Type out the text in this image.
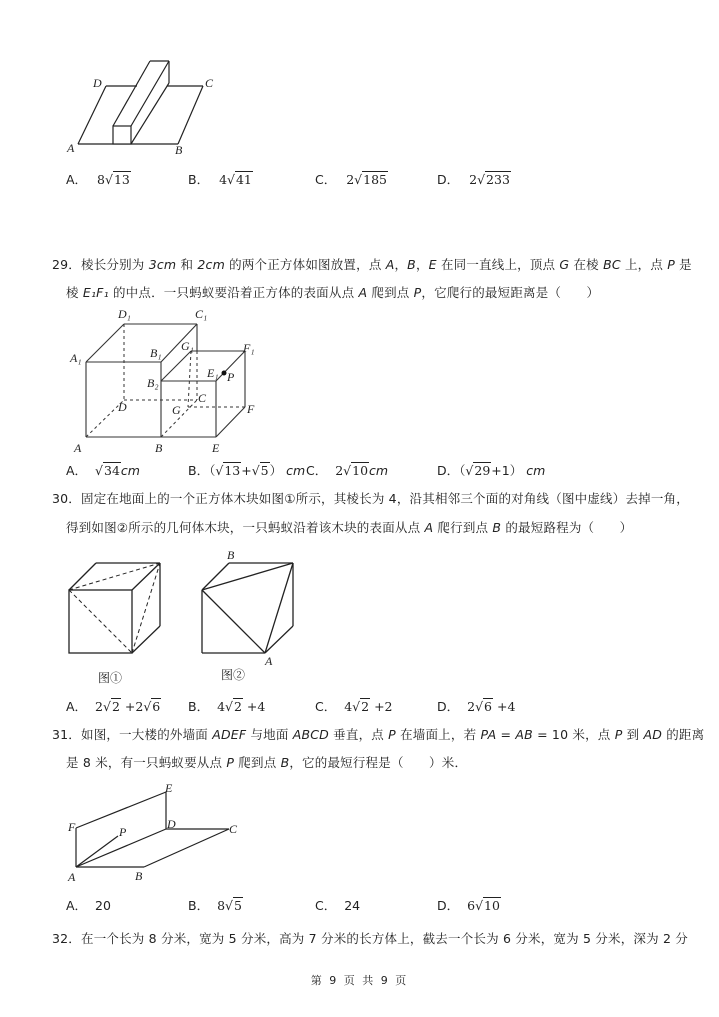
D	C
A	B
A． 8√13	B． 4√41	C． 2√185	D． 2√233
29．棱长分别为 3cm 和 2cm 的两个正方体如图放置，点 A，B，E 在同一直线上，顶点 G 在棱 BC 上，点 P 是
棱 E₁F₁ 的中点．一只蚂蚁要沿着正方体的表面从点 A 爬到点 P，它爬行的最短距离是（　　）
D₁	C₁
A₁	B₁ G₁	F₁
E₁ P
B₂
D
C
G	F
A	B	E
A． √34cm	B．（√13+√5） cm C． 2√10cm	D．（√29+1） cm
30．固定在地面上的一个正方体木块如图①所示，其棱长为 4，沿其相邻三个面的对角线（图中虚线）去掉一角，
得到如图②所示的几何体木块，一只蚂蚁沿着该木块的表面从点 A 爬行到点 B 的最短路程为（　　）
B
A
图①	图②
A． 2√2 +2√6 B． 4√2 +4	C． 4√2 +2	D． 2√6 +4
31．如图，一大楼的外墙面 ADEF 与地面 ABCD 垂直，点 P 在墙面上，若 PA = AB = 10 米，点 P 到 AD 的距离
是 8 米，有一只蚂蚁要从点 P 爬到点 B，它的最短行程是（　　）米．
E
F	P
D	C
A	B
A． 20	B． 8√5	C． 24	D． 6√10
32．在一个长为 8 分米，宽为 5 分米，高为 7 分米的长方体上，截去一个长为 6 分米，宽为 5 分米，深为 2 分
第 9 页 共 9 页
